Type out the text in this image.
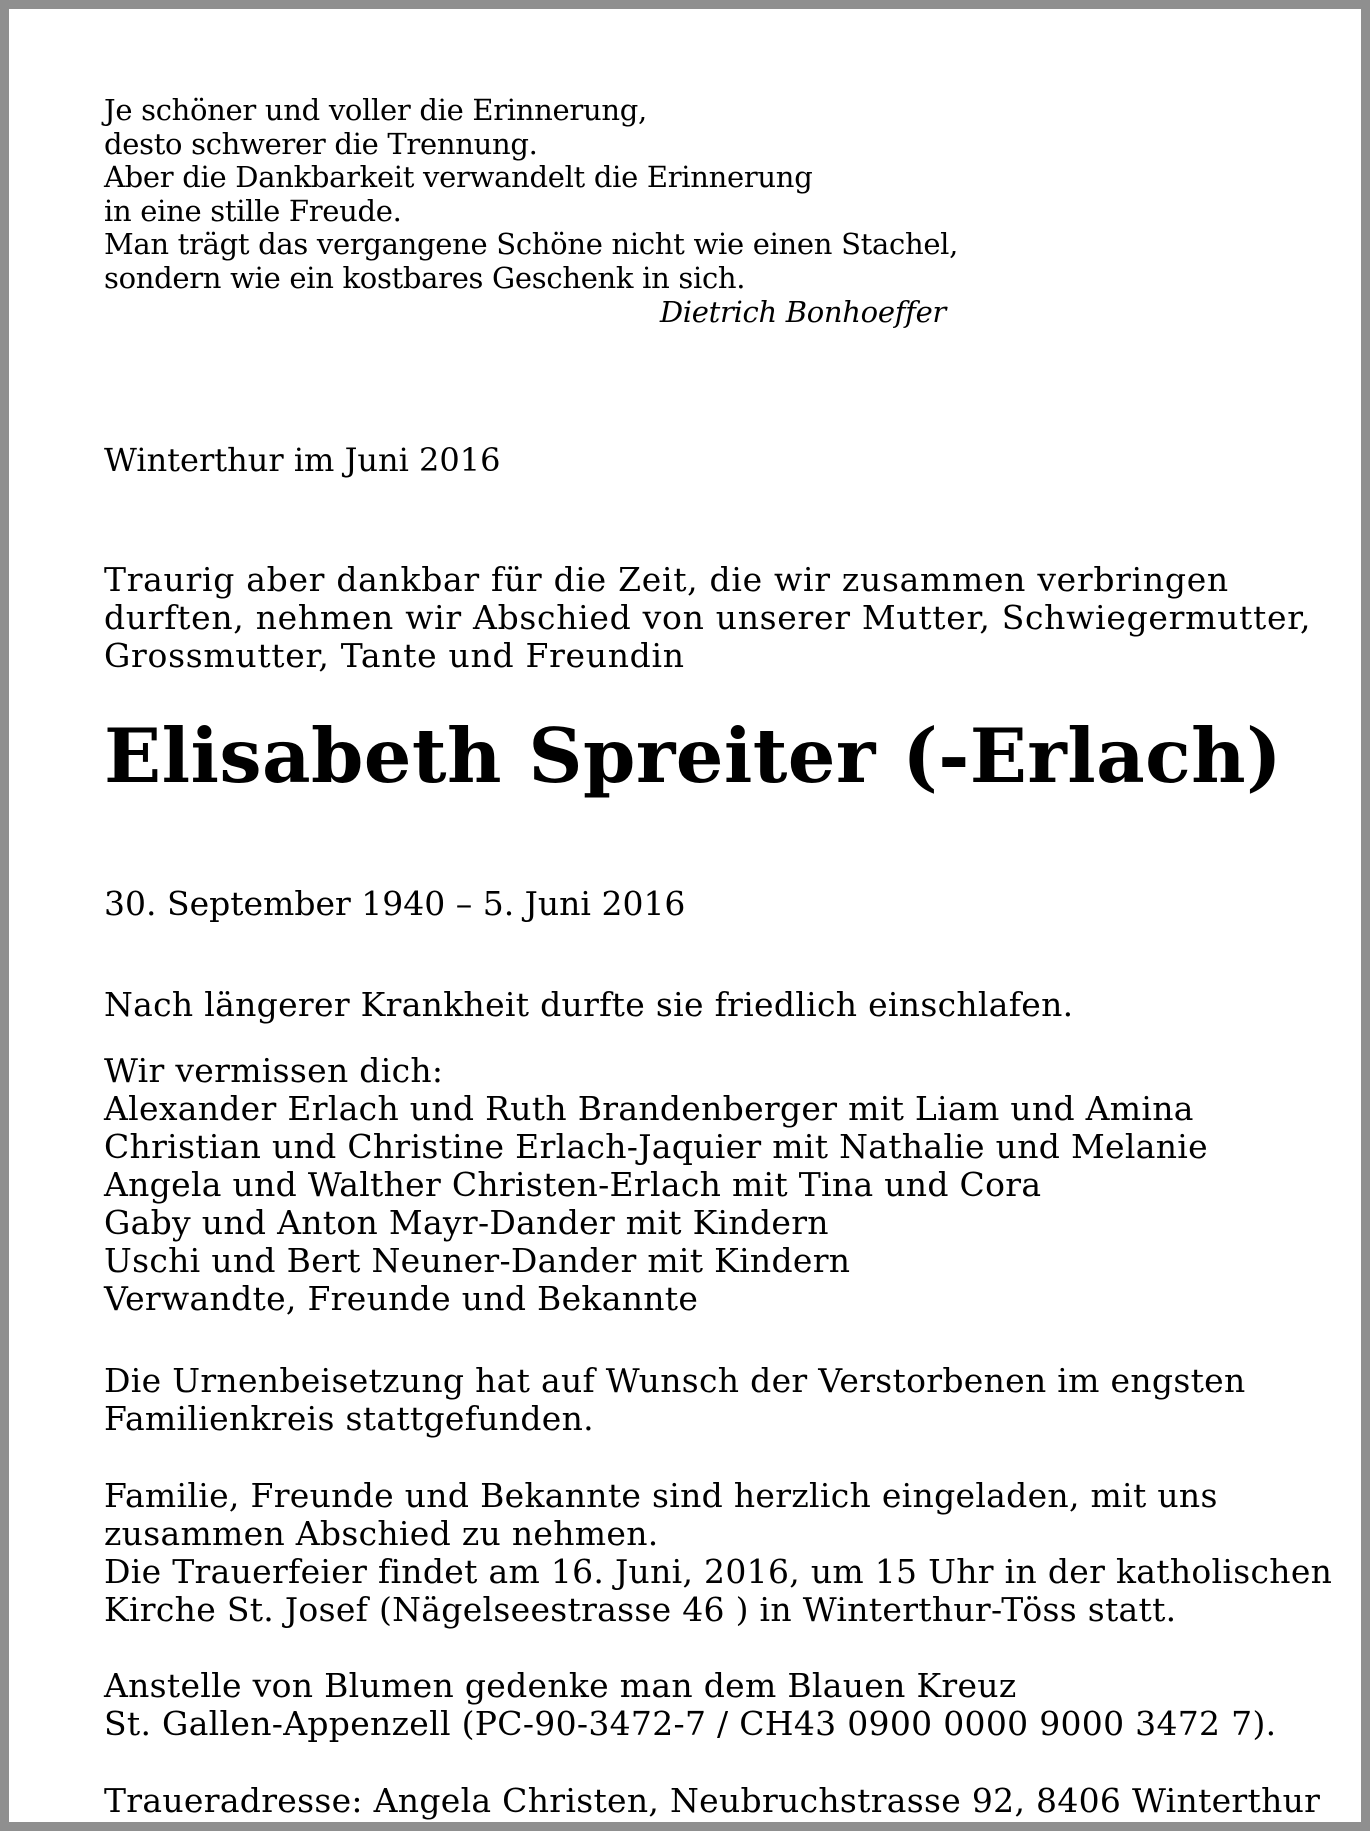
Je schöner und voller die Erinnerung,

desto schwerer die Trennung.

Aber die Dankbarkeit verwandelt die Erinnerung

in eine stille Freude.

Man trägt das vergangene Schöne nicht wie einen Stachel,

sondern wie ein kostbares Geschenk in sich.

Dietrich Bonhoeffer

Winterthur im Juni 2016

Traurig aber dankbar für die Zeit, die wir zusammen verbringen
durften, nehmen wir Abschied von unserer Mutter, Schwiegermutter,
Grossmutter, Tante und Freundin
Elisabeth Spreiter (-Erlach)

30. September 1940 – 5. Juni 2016

Nach längerer Krankheit durfte sie friedlich einschlafen.

Wir vermissen dich:

Alexander Erlach und Ruth Brandenberger mit Liam und Amina

Christian und Christine Erlach-Jaquier mit Nathalie und Melanie

Angela und Walther Christen-Erlach mit Tina und Cora

Gaby und Anton Mayr-Dander mit Kindern

Uschi und Bert Neuner-Dander mit Kindern

Verwandte, Freunde und Bekannte

Die Urnenbeisetzung hat auf Wunsch der Verstorbenen im engsten

Familienkreis stattgefunden.

Familie, Freunde und Bekannte sind herzlich eingeladen, mit uns

zusammen Abschied zu nehmen.

Die Trauerfeier findet am 16. Juni, 2016, um 15 Uhr in der katholischen

Kirche St. Josef (Nägelseestrasse 46 ) in Winterthur-Töss statt.

Anstelle von Blumen gedenke man dem Blauen Kreuz

St. Gallen-Appenzell (PC-90-3472-7 / CH43 0900 0000 9000 3472 7).

Traueradresse: Angela Christen, Neubruchstrasse 92, 8406 Winterthur
